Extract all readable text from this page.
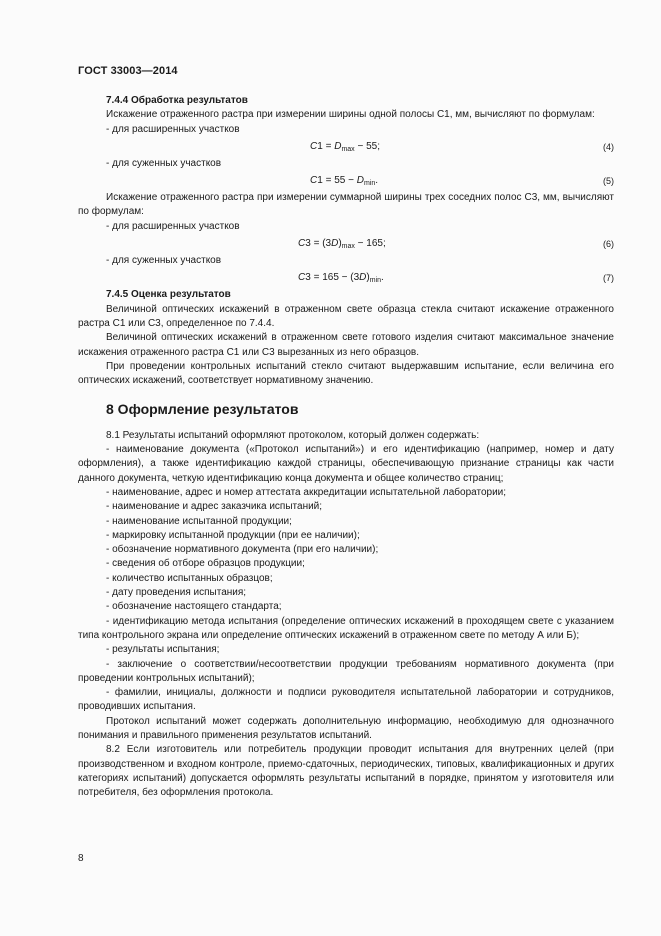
ГОСТ 33003—2014

7.4.4 Обработка результатов

Искажение отраженного растра при измерении ширины одной полосы С1, мм, вычисляют по формулам:

- для расширенных участков

$С1 = D_{max} - 55$;	(4)

- для суженных участков

$С1 = 55 - D_{min}$.	(5)

Искажение отраженного растра при измерении суммарной ширины трех соседних полос С3, мм, вычисляют по формулам:

- для расширенных участков

$С3 = (3D)_{max} - 165$;	(6)

- для суженных участков

$С3 = 165 - (3D)_{min}$.	(7)

7.4.5 Оценка результатов

Величиной оптических искажений в отраженном свете образца стекла считают искажение отраженного растра С1 или С3, определенное по 7.4.4.

Величиной оптических искажений в отраженном свете готового изделия считают максимальное значение искажения отраженного растра С1 или С3 вырезанных из него образцов.

При проведении контрольных испытаний стекло считают выдержавшим испытание, если величина его оптических искажений, соответствует нормативному значению.

8 Оформление результатов

8.1 Результаты испытаний оформляют протоколом, который должен содержать:

- наименование документа («Протокол испытаний») и его идентификацию (например, номер и дату оформления), а также идентификацию каждой страницы, обеспечивающую признание страницы как части данного документа, четкую идентификацию конца документа и общее количество страниц;

- наименование, адрес и номер аттестата аккредитации испытательной лаборатории;

- наименование и адрес заказчика испытаний;

- наименование испытанной продукции;

- маркировку испытанной продукции (при ее наличии);

- обозначение нормативного документа (при его наличии);

- сведения об отборе образцов продукции;

- количество испытанных образцов;

- дату проведения испытания;

- обозначение настоящего стандарта;

- идентификацию метода испытания (определение оптических искажений в проходящем свете с указанием типа контрольного экрана или определение оптических искажений в отраженном свете по методу А или Б);

- результаты испытания;

- заключение о соответствии/несоответствии продукции требованиям нормативного документа (при проведении контрольных испытаний);

- фамилии, инициалы, должности и подписи руководителя испытательной лаборатории и сотрудников, проводивших испытания.

Протокол испытаний может содержать дополнительную информацию, необходимую для однозначного понимания и правильного применения результатов испытаний.

8.2 Если изготовитель или потребитель продукции проводит испытания для внутренних целей (при производственном и входном контроле, приемо-сдаточных, периодических, типовых, квалификационных и других категориях испытаний) допускается оформлять результаты испытаний в порядке, принятом у изготовителя или потребителя, без оформления протокола.

8
